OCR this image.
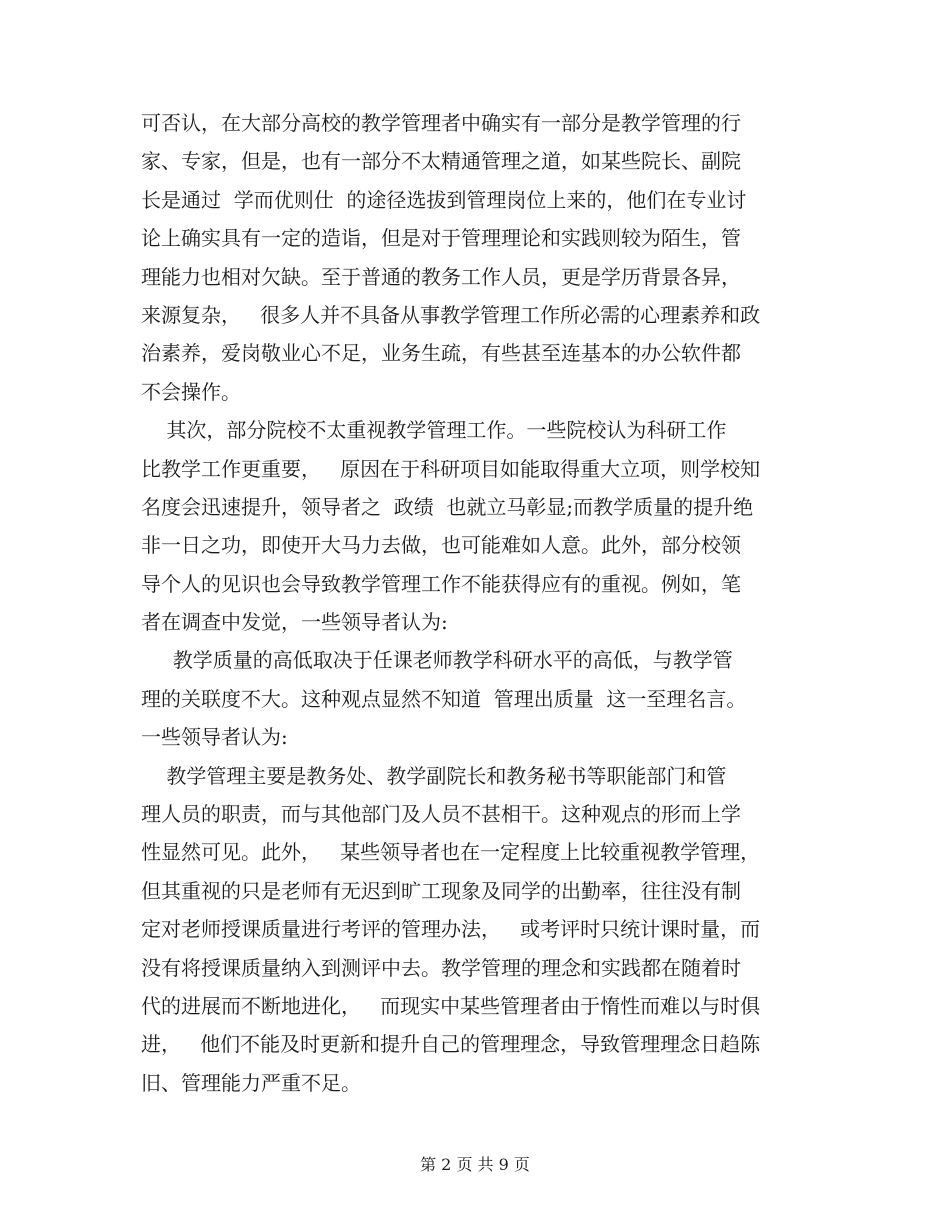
可否认，在大部分高校的教学管理者中确实有一部分是教学管理的行
家、专家，但是，也有一部分不太精通管理之道，如某些院长、副院
长是通过  学而优则仕  的途径选拔到管理岗位上来的，他们在专业讨
论上确实具有一定的造诣，但是对于管理理论和实践则较为陌生，管
理能力也相对欠缺。至于普通的教务工作人员，更是学历背景各异，
来源复杂，   很多人并不具备从事教学管理工作所必需的心理素养和政
治素养，爱岗敬业心不足，业务生疏，有些甚至连基本的办公软件都
不会操作。
其次，部分院校不太重视教学管理工作。一些院校认为科研工作
比教学工作更重要，   原因在于科研项目如能取得重大立项，则学校知
名度会迅速提升，领导者之  政绩  也就立马彰显;而教学质量的提升绝
非一日之功，即使开大马力去做，也可能难如人意。此外，部分校领
导个人的见识也会导致教学管理工作不能获得应有的重视。例如，笔
者在调查中发觉，一些领导者认为:
教学质量的高低取决于任课老师教学科研水平的高低，与教学管
理的关联度不大。这种观点显然不知道  管理出质量  这一至理名言。
一些领导者认为:
教学管理主要是教务处、教学副院长和教务秘书等职能部门和管
理人员的职责，而与其他部门及人员不甚相干。这种观点的形而上学
性显然可见。此外，   某些领导者也在一定程度上比较重视教学管理，
但其重视的只是老师有无迟到旷工现象及同学的出勤率，往往没有制
定对老师授课质量进行考评的管理办法，   或考评时只统计课时量，而
没有将授课质量纳入到测评中去。教学管理的理念和实践都在随着时
代的进展而不断地进化，   而现实中某些管理者由于惰性而难以与时俱
进，   他们不能及时更新和提升自己的管理理念，导致管理理念日趋陈
旧、管理能力严重不足。
第 2 页 共 9 页
